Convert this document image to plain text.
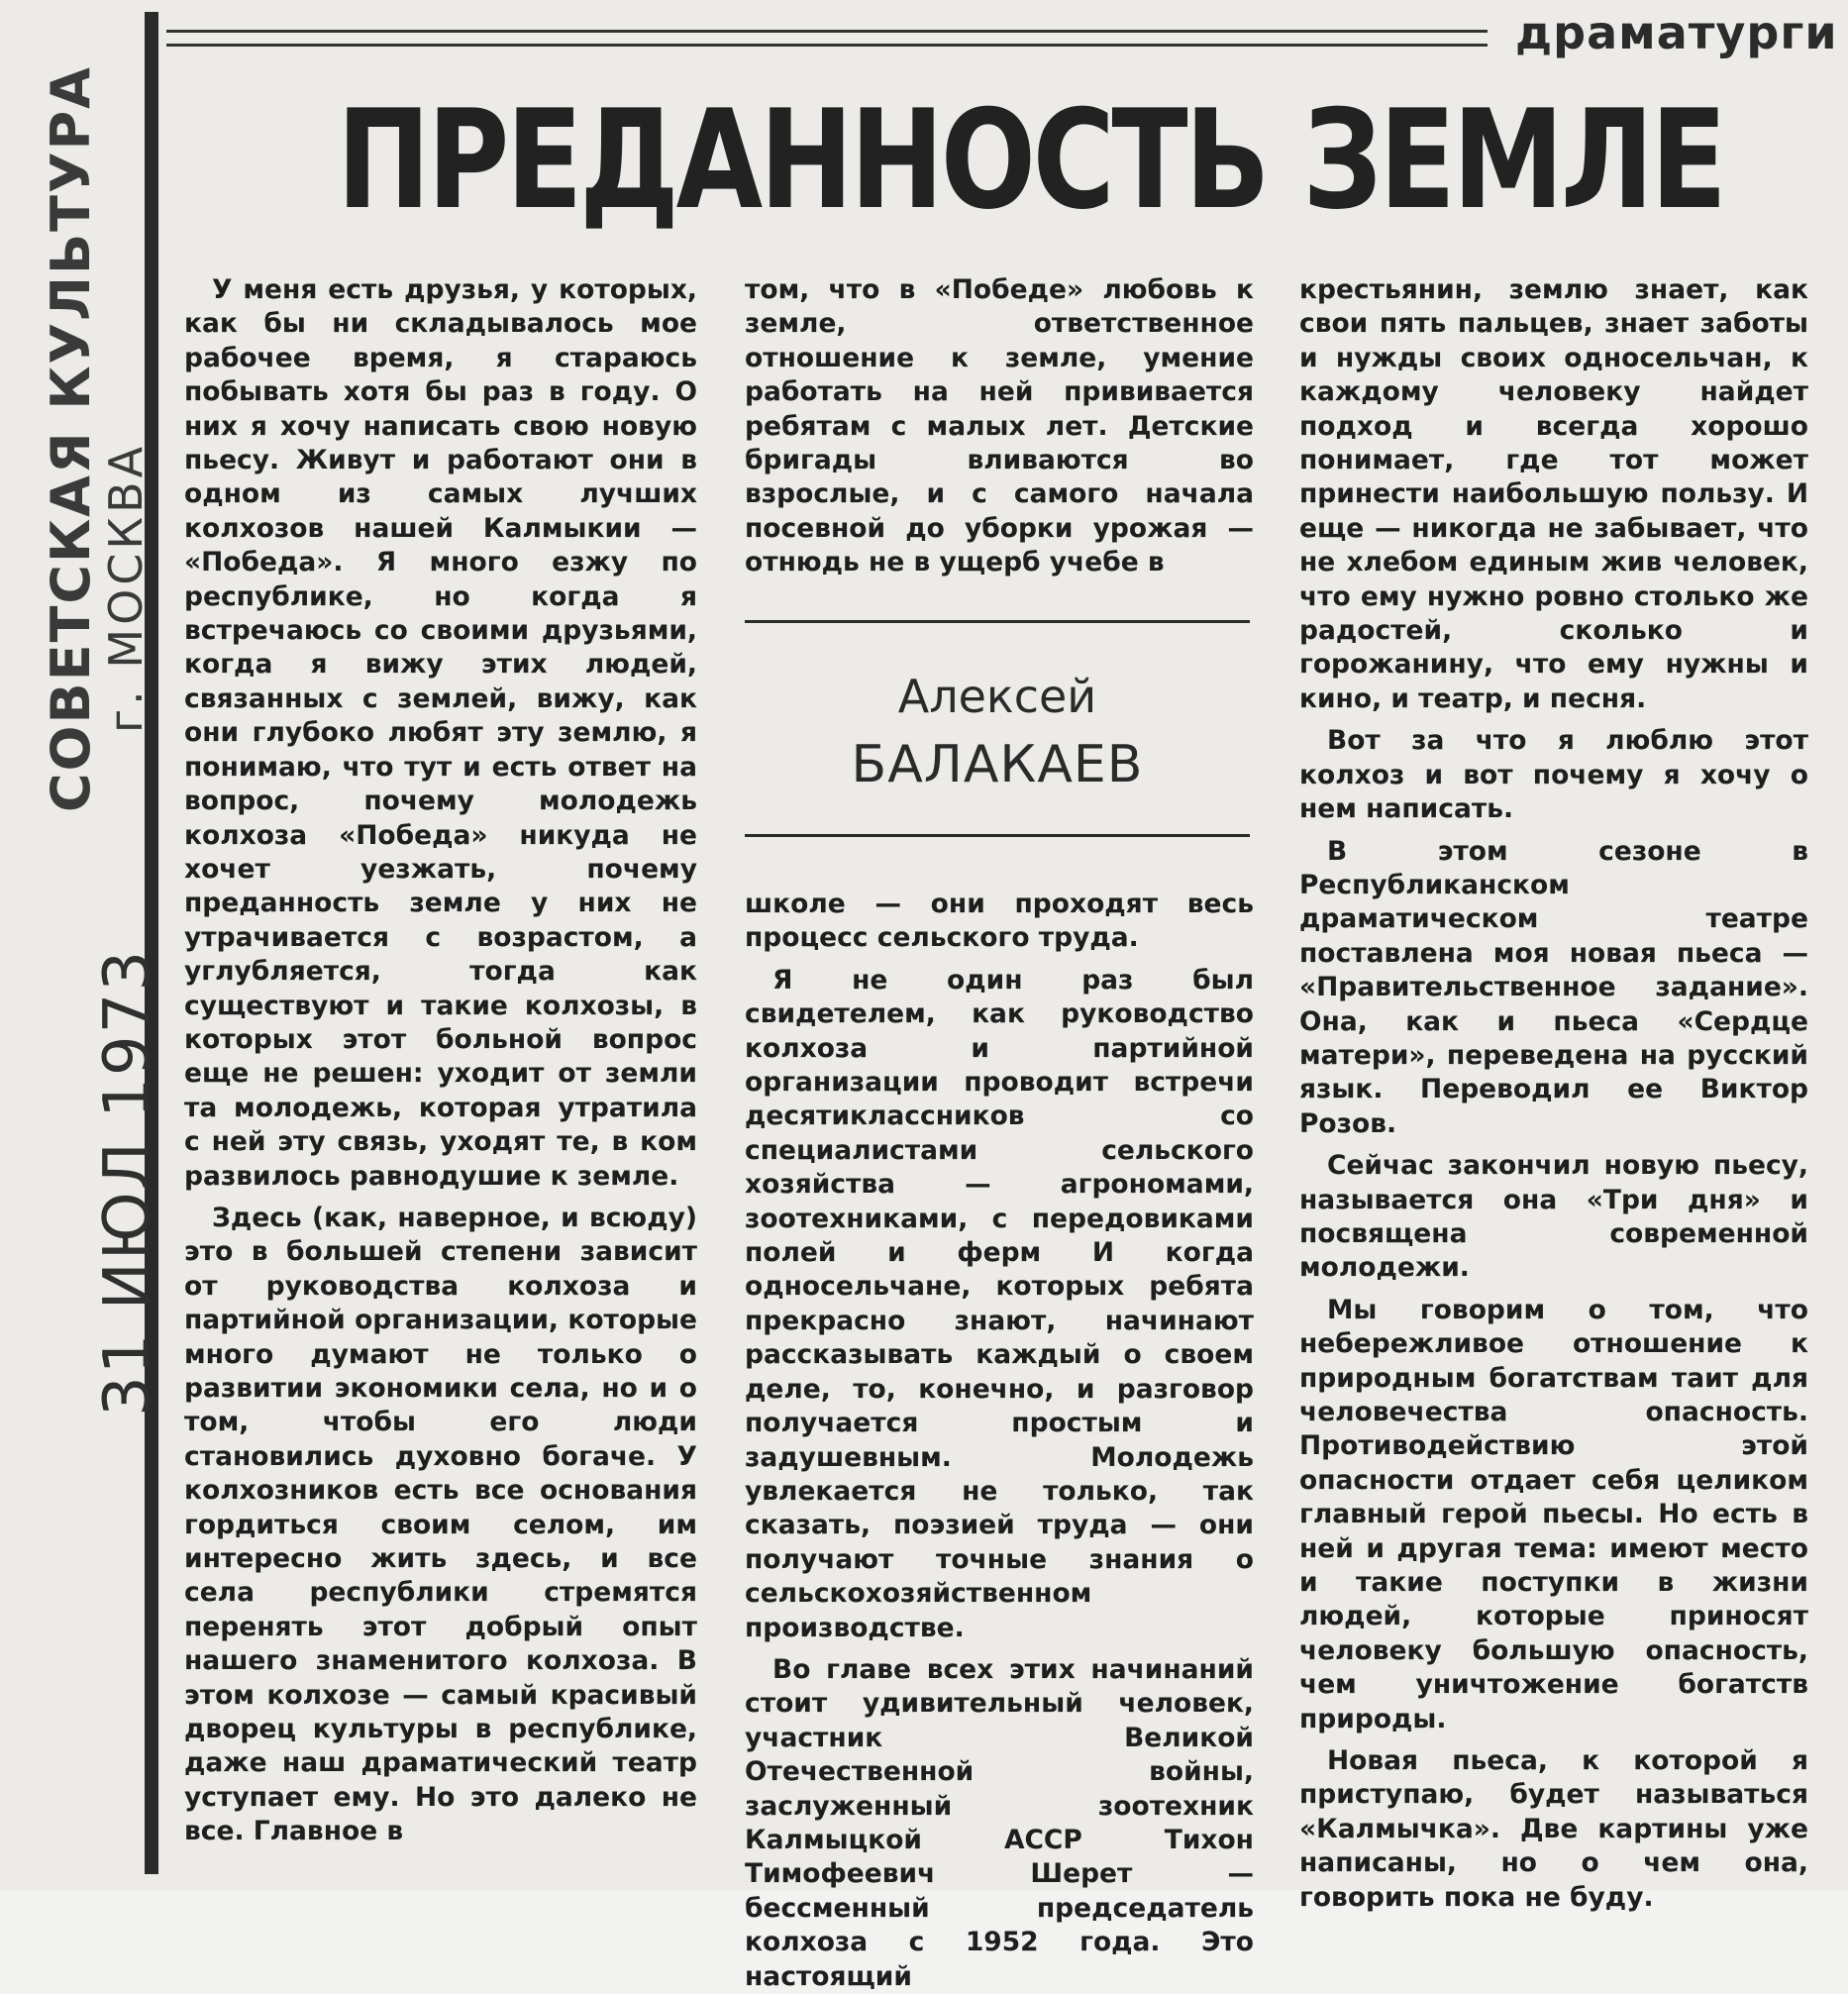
драматурги
ПРЕДАННОСТЬ ЗЕМЛЕ
СОВЕТСКАЯ КУЛЬТУРА
г. МОСКВА
31 ИЮЛ 1973

У меня есть друзья, у которых, как бы ни складывалось мое рабочее время, я стараюсь побывать хотя бы раз в году. О них я хочу написать свою новую пьесу. Живут и работают они в одном из самых лучших колхозов нашей Калмыкии — «Победа». Я много езжу по республике, но когда я встречаюсь со своими друзьями, когда я вижу этих людей, связанных с землей, вижу, как они глубоко любят эту землю, я понимаю, что тут и есть ответ на вопрос, почему молодежь колхоза «Победа» никуда не хочет уезжать, почему преданность земле у них не утрачивается с возрастом, а углубляется, тогда как существуют и такие колхозы, в которых этот больной вопрос еще не решен: уходит от земли та молодежь, которая утратила с ней эту связь, уходят те, в ком развилось равнодушие к земле.

Здесь (как, наверное, и всюду) это в большей степени зависит от руководства колхоза и партийной организации, которые много думают не только о развитии экономики села, но и о том, чтобы его люди становились духовно богаче. У колхозников есть все основания гордиться своим селом, им интересно жить здесь, и все села республики стремятся перенять этот добрый опыт нашего знаменитого колхоза. В этом колхозе — самый красивый дворец культуры в республике, даже наш драматический театр уступает ему. Но это далеко не все. Главное в

том, что в «Победе» любовь к земле, ответственное отношение к земле, умение работать на ней прививается ребятам с малых лет. Детские бригады вливаются во взрослые, и с самого начала посевной до уборки урожая — отнюдь не в ущерб учебе в

Алексей
БАЛАКАЕВ

школе — они проходят весь процесс сельского труда.

Я не один раз был свидетелем, как руководство колхоза и партийной организации проводит встречи десятиклассников со специалистами сельского хозяйства — агрономами, зоотехниками, с передовиками полей и ферм И когда односельчане, которых ребята прекрасно знают, начинают рассказывать каждый о своем деле, то, конечно, и разговор получается простым и задушевным. Молодежь увлекается не только, так сказать, поэзией труда — они получают точные знания о сельскохозяйственном производстве.

Во главе всех этих начинаний стоит удивительный человек, участник Великой Отечественной войны, заслуженный зоотехник Калмыцкой АССР Тихон Тимофеевич Шерет — бессменный председатель колхоза с 1952 года. Это настоящий

крестьянин, землю знает, как свои пять пальцев, знает заботы и нужды своих односельчан, к каждому человеку найдет подход и всегда хорошо понимает, где тот может принести наибольшую пользу. И еще — никогда не забывает, что не хлебом единым жив человек, что ему нужно ровно столько же радостей, сколько и горожанину, что ему нужны и кино, и театр, и песня.

Вот за что я люблю этот колхоз и вот почему я хочу о нем написать.

В этом сезоне в Республиканском драматическом театре поставлена моя новая пьеса — «Правительственное задание». Она, как и пьеса «Сердце матери», переведена на русский язык. Переводил ее Виктор Розов.

Сейчас закончил новую пьесу, называется она «Три дня» и посвящена современной молодежи.

Мы говорим о том, что небережливое отношение к природным богатствам таит для человечества опасность. Противодействию этой опасности отдает себя целиком главный герой пьесы. Но есть в ней и другая тема: имеют место и такие поступки в жизни людей, которые приносят человеку большую опасность, чем уничтожение богатств природы.

Новая пьеса, к которой я приступаю, будет называться «Калмычка». Две картины уже написаны, но о чем она, говорить пока не буду.
